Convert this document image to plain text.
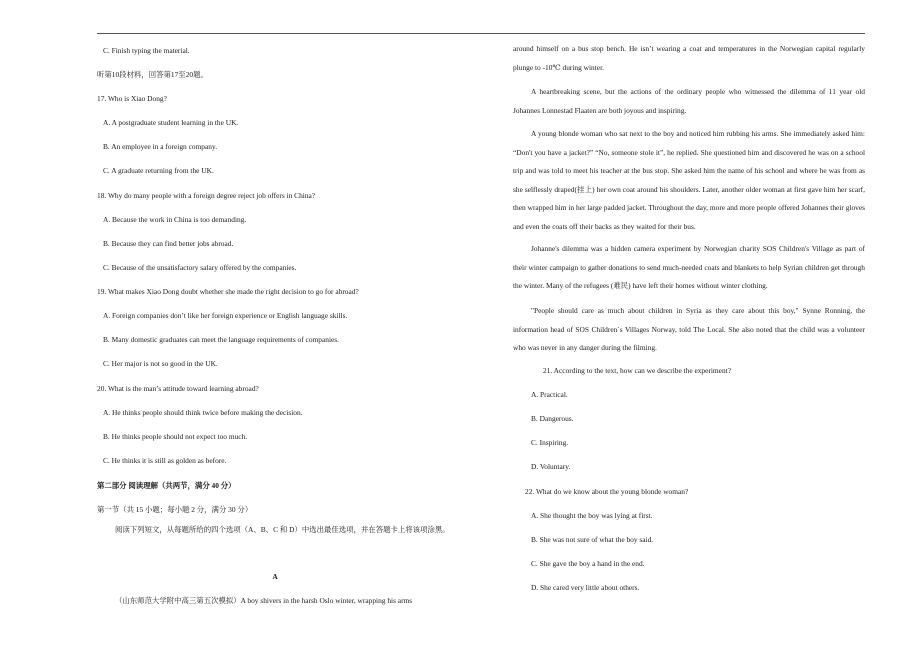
C. Finish typing the material.
听第10段材料，回答第17至20题。
17. Who is Xiao Dong?
A. A postgraduate student learning in the UK.
B. An employee in a foreign company.
C. A graduate returning from the UK.
18. Why do many people with a foreign degree reject job offers in China?
A. Because the work in China is too demanding.
B. Because they can find better jobs abroad.
C. Because of the unsatisfactory salary offered by the companies.
19. What makes Xiao Dong doubt whether she made the right decision to go for abroad?
A. Foreign companies don’t like her foreign experience or English language skills.
B. Many domestic graduates can meet the language requirements of companies.
C. Her major is not so good in the UK.
20. What is the man’s attitude toward learning abroad?
A. He thinks people should think twice before making the decision.
B. He thinks people should not expect too much.
C. He thinks it is still as golden as before.
第二部分 阅读理解（共两节，满分 40 分）
第一节（共 15 小题；每小题 2 分，满分 30 分）
阅读下列短文，从每题所给的四个选项（A、B、C 和 D）中选出最佳选项，并在答题卡上将该项涂黑。
A
（山东师范大学附中高三第五次模拟）A boy shivers in the harsh Oslo winter, wrapping his arms
around himself on a bus stop bench. He isn’t wearing a coat and temperatures in the Norwegian capital regularly plunge to -10℃ during winter.
A heartbreaking scene, but the actions of the ordinary people who witnessed the dilemma of 11 year old Johannes Lonnestad Flaaten are both joyous and inspiring.
A young blonde woman who sat next to the boy and noticed him rubbing his arms. She immediately asked him: “Don't you have a jacket?” “No, someone stole it”, he replied. She questioned him and discovered he was on a school trip and was told to meet his teacher at the bus stop. She asked him the name of his school and where he was from as she selflessly draped(挂上) her own coat around his shoulders. Later, another older woman at first gave him her scarf, then wrapped him in her large padded jacket. Throughout the day, more and more people offered Johannes their gloves and even the coats off their backs as they waited for their bus.
Johanne's dilemma was a hidden camera experiment by Norwegian charity SOS Children's Village as part of their winter campaign to gather donations to send much-needed coats and blankets to help Syrian children get through the winter. Many of the refugees (难民) have left their homes without winter clothing.
"People should care as much about children in Syria as they care about this boy," Synne Ronning, the information head of SOS Children`s Villages Norway, told The Local. She also noted that the child was a volunteer who was never in any danger during the filming.
21. According to the text, how can we describe the experiment?
A. Practical.
B. Dangerous.
C. Inspiring.
D. Voluntary.
22. What do we know about the young blonde woman?
A. She thought the boy was lying at first.
B. She was not sure of what the boy said.
C. She gave the boy a hand in the end.
D. She cared very little about others.
